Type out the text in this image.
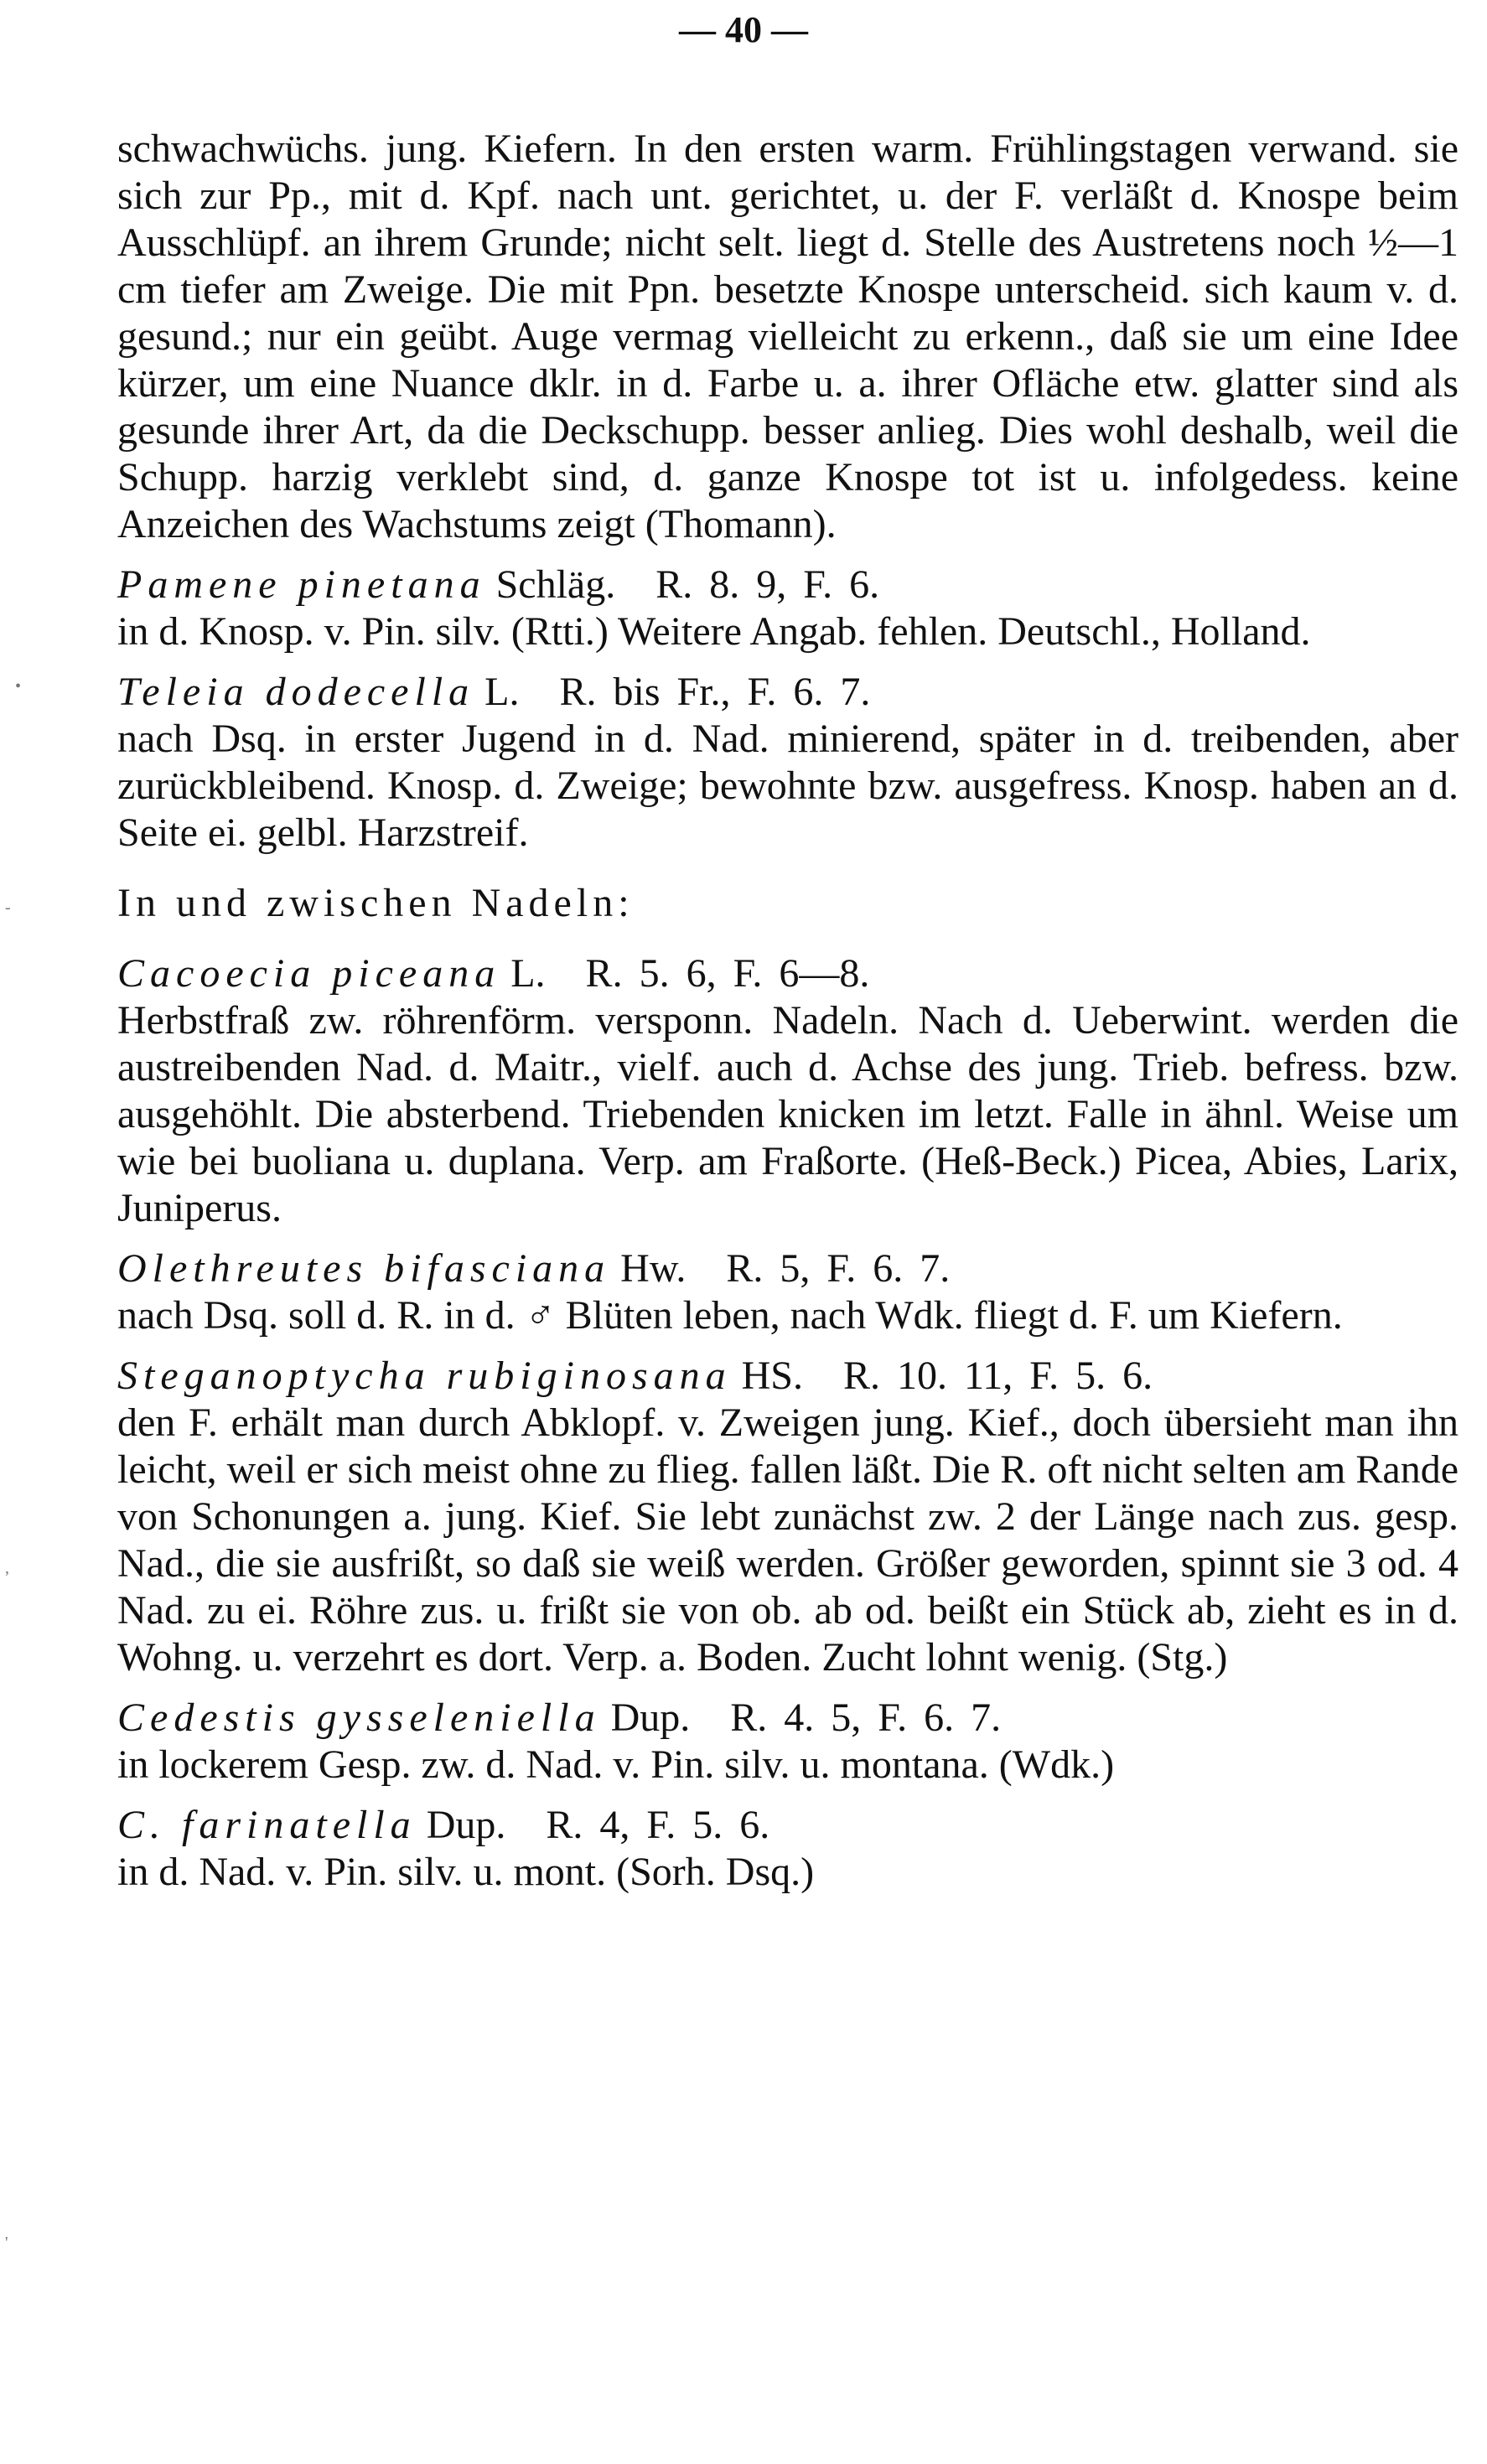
— 40 —

schwachwüchs. jung. Kiefern. In den ersten warm. Frühlingstagen verwand. sie sich zur Pp., mit d. Kpf. nach unt. gerichtet, u. der F. verläßt d. Knospe beim Ausschlüpf. an ihrem Grunde; nicht selt. liegt d. Stelle des Austretens noch ½—1 cm tiefer am Zweige. Die mit Ppn. besetzte Knospe unterscheid. sich kaum v. d. gesund.; nur ein geübt. Auge vermag vielleicht zu erkenn., daß sie um eine Idee kürzer, um eine Nuance dklr. in d. Farbe u. a. ihrer Ofläche etw. glatter sind als gesunde ihrer Art, da die Deckschupp. besser anlieg. Dies wohl deshalb, weil die Schupp. harzig verklebt sind, d. ganze Knospe tot ist u. infolgedess. keine Anzeichen des Wachstums zeigt (Thomann).

Pamene pinetana Schläg. R. 8. 9, F. 6.

in d. Knosp. v. Pin. silv. (Rtti.) Weitere Angab. fehlen. Deutschl., Holland.

Teleia dodecella L. R. bis Fr., F. 6. 7.

nach Dsq. in erster Jugend in d. Nad. minierend, später in d. treibenden, aber zurückbleibend. Knosp. d. Zweige; bewohnte bzw. ausgefress. Knosp. haben an d. Seite ei. gelbl. Harzstreif.

In und zwischen Nadeln:

Cacoecia piceana L. R. 5. 6, F. 6—8.

Herbstfraß zw. röhrenförm. versponn. Nadeln. Nach d. Ueberwint. werden die austreibenden Nad. d. Maitr., vielf. auch d. Achse des jung. Trieb. befress. bzw. ausgehöhlt. Die absterbend. Triebenden knicken im letzt. Falle in ähnl. Weise um wie bei buoliana u. duplana. Verp. am Fraßorte. (Heß-Beck.) Picea, Abies, Larix, Juniperus.

Olethreutes bifasciana Hw. R. 5, F. 6. 7.

nach Dsq. soll d. R. in d. ♂ Blüten leben, nach Wdk. fliegt d. F. um Kiefern.

Steganoptycha rubiginosana HS. R. 10. 11, F. 5. 6.

den F. erhält man durch Abklopf. v. Zweigen jung. Kief., doch übersieht man ihn leicht, weil er sich meist ohne zu flieg. fallen läßt. Die R. oft nicht selten am Rande von Schonungen a. jung. Kief. Sie lebt zunächst zw. 2 der Länge nach zus. gesp. Nad., die sie ausfrißt, so daß sie weiß werden. Größer geworden, spinnt sie 3 od. 4 Nad. zu ei. Röhre zus. u. frißt sie von ob. ab od. beißt ein Stück ab, zieht es in d. Wohng. u. verzehrt es dort. Verp. a. Boden. Zucht lohnt wenig. (Stg.)

Cedestis gysseleniella Dup. R. 4. 5, F. 6. 7.

in lockerem Gesp. zw. d. Nad. v. Pin. silv. u. montana. (Wdk.)

C. farinatella Dup. R. 4, F. 5. 6.

in d. Nad. v. Pin. silv. u. mont. (Sorh. Dsq.)

•
-
,
'
